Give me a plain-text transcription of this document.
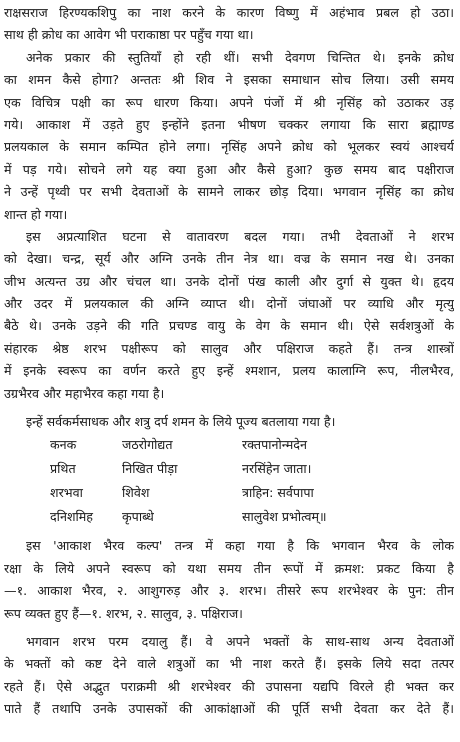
राक्षसराज हिरण्यकशिपु का नाश करने के कारण विष्णु में अहंभाव प्रबल हो उठा।
साथ ही क्रोध का आवेग भी पराकाष्ठा पर पहुँच गया था।
अनेक प्रकार की स्तुतियाँ हो रही थीं। सभी देवगण चिन्तित थे। इनके क्रोध
का शमन कैसे होगा? अन्ततः श्री शिव ने इसका समाधान सोच लिया। उसी समय
एक विचित्र पक्षी का रूप धारण किया। अपने पंजों में श्री नृसिंह को उठाकर उड़
गये। आकाश में उड़ते हुए इन्होंने इतना भीषण चक्कर लगाया कि सारा ब्रह्माण्ड
प्रलयकाल के समान कम्पित होने लगा। नृसिंह अपने क्रोध को भूलकर स्वयं आश्चर्य
में पड़ गये। सोचने लगे यह क्या हुआ और कैसे हुआ? कुछ समय बाद पक्षीराज
ने उन्हें पृथ्वी पर सभी देवताओं के सामने लाकर छोड़ दिया। भगवान नृसिंह का क्रोध
शान्त हो गया।
इस अप्रत्याशित घटना से वातावरण बदल गया। तभी देवताओं ने शरभ
को देखा। चन्द्र, सूर्य और अग्नि उनके तीन नेत्र था। वज्र के समान नख थे। उनका
जीभ अत्यन्त उग्र और चंचल था। उनके दोनों पंख काली और दुर्गा से युक्त थे। हृदय
और उदर में प्रलयकाल की अग्नि व्याप्त थी। दोनों जंघाओं पर व्याधि और मृत्यु
बैठे थे। उनके उड़ने की गति प्रचण्ड वायु के वेग के समान थी। ऐसे सर्वशत्रुओं के
संहारक श्रेष्ठ शरभ पक्षीरूप को सालुव और पक्षिराज कहते हैं। तन्त्र शास्त्रों
में इनके स्वरूप का वर्णन करते हुए इन्हें श्मशान, प्रलय कालाग्नि रूप, नीलभैरव,
उग्रभैरव और महाभैरव कहा गया है।
इन्हें सर्वकर्मसाधक और शत्रु दर्प शमन के लिये पूज्य बतलाया गया है।
कनक	जठरोगोद्यत	रक्तपानोन्मदेन
प्रथित	निखित पीड़ा	नरसिंहेन जाता।
शरभवा	शिवेश	त्राहिन: सर्वपापा
दनिशमिह	कृपाब्धे	सालुवेश प्रभोत्वम्॥
इस 'आकाश भैरव कल्प' तन्त्र में कहा गया है कि भगवान भैरव के लोक
रक्षा के लिये अपने स्वरूप को यथा समय तीन रूपों में क्रमश: प्रकट किया है
—१. आकाश भैरव, २. आशुगरुड़ और ३. शरभ। तीसरे रूप शरभेश्वर के पुन: तीन
रूप व्यक्त हुए हैं—१. शरभ, २. सालुव, ३. पक्षिराज।
भगवान शरभ परम दयालु हैं। वे अपने भक्तों के साथ-साथ अन्य देवताओं
के भक्तों को कष्ट देने वाले शत्रुओं का भी नाश करते हैं। इसके लिये सदा तत्पर
रहते हैं। ऐसे अद्भुत पराक्रमी श्री शरभेश्वर की उपासना यद्यपि विरले ही भक्त कर
पाते हैं तथापि उनके उपासकों की आकांक्षाओं की पूर्ति सभी देवता कर देते हैं।
